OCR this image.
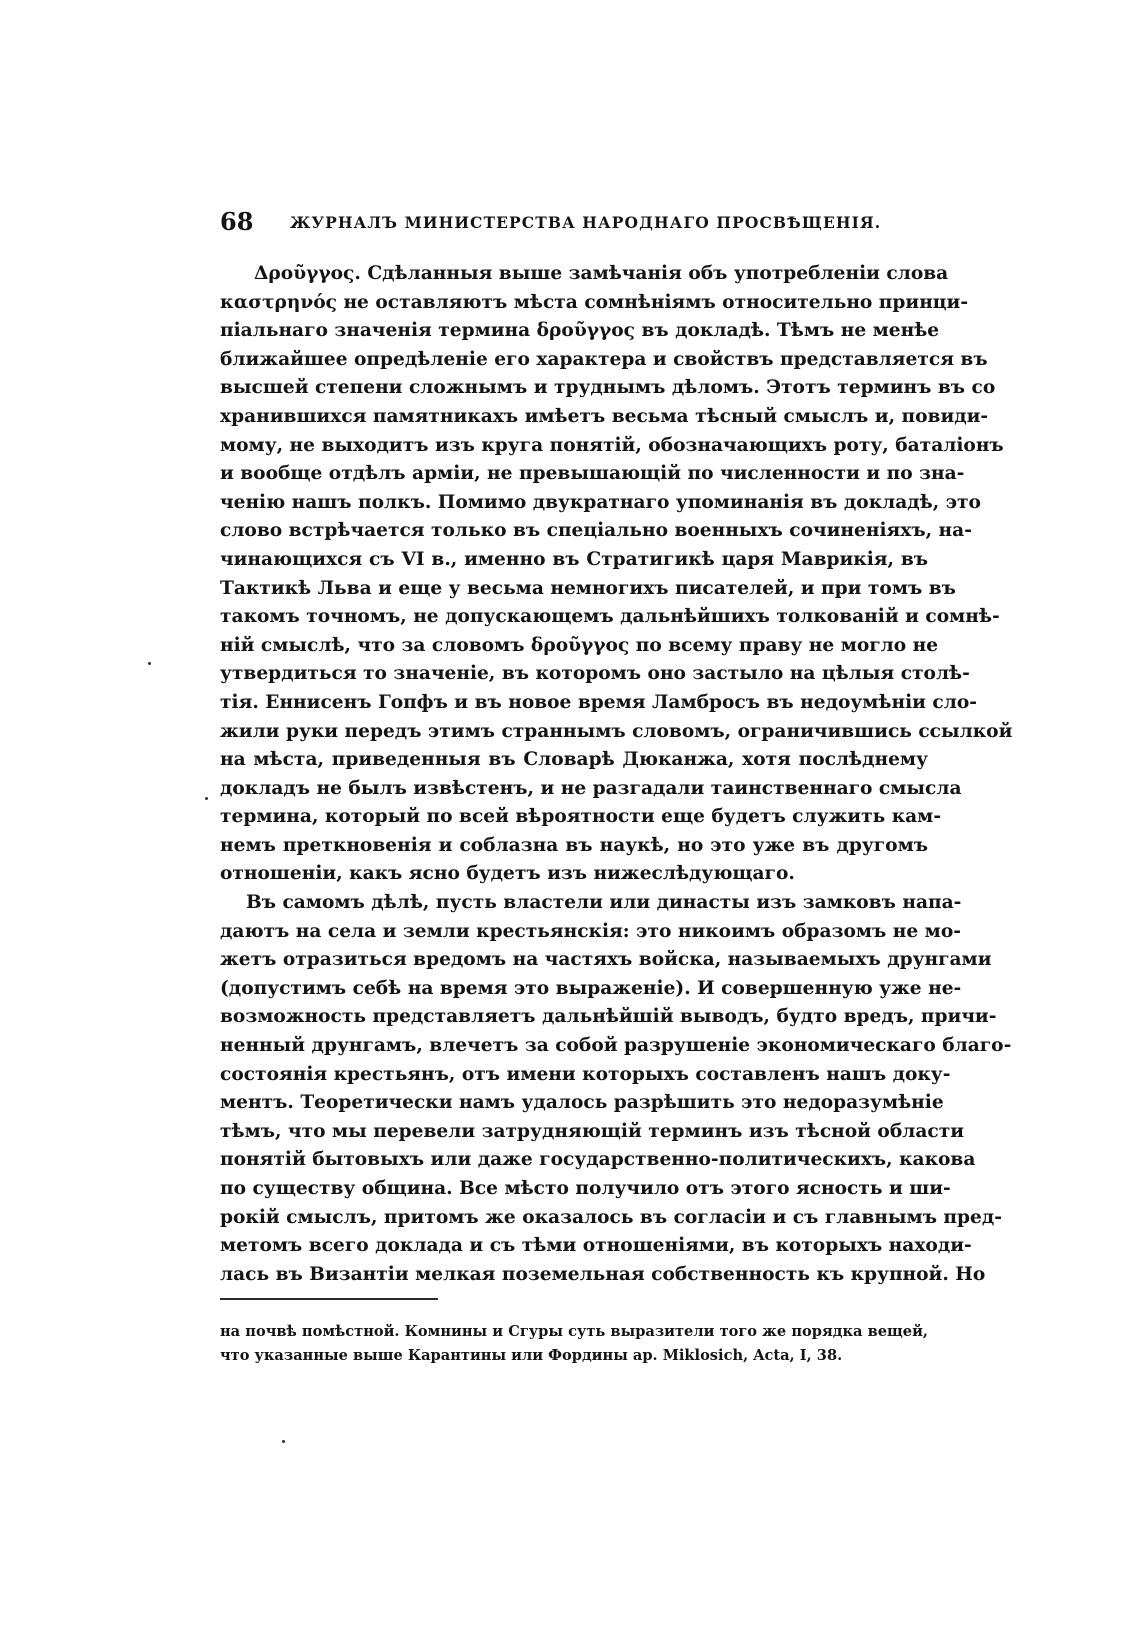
68 ЖУРНАЛЪ МИНИСТЕРСТВА НАРОДНАГО ПРОСВѢЩЕНІЯ.
Δροῦγγος. Сдѣланныя выше замѣчанія объ употребленіи слова
καστρηνός не оставляютъ мѣста сомнѣніямъ относительно принци-
піальнаго значенія термина δροῦγγος въ докладѣ. Тѣмъ не менѣе
ближайшее опредѣленіе его характера и свойствъ представляется въ
высшей степени сложнымъ и труднымъ дѣломъ. Этотъ терминъ въ со
хранившихся памятникахъ имѣетъ весьма тѣсный смыслъ и, повиди-
мому, не выходитъ изъ круга понятій, обозначающихъ роту, баталіонъ
и вообще отдѣлъ арміи, не превышающій по численности и по зна-
ченію нашъ полкъ. Помимо двукратнаго упоминанія въ докладѣ, это
слово встрѣчается только въ спеціально военныхъ сочиненіяхъ, на-
чинающихся съ VI в., именно въ Стратигикѣ царя Маврикія, въ
Тактикѣ Льва и еще у весьма немногихъ писателей, и при томъ въ
такомъ точномъ, не допускающемъ дальнѣйшихъ толкованій и сомнѣ-
ній смыслѣ, что за словомъ δροῦγγος по всему праву не могло не
утвердиться то значеніе, въ которомъ оно застыло на цѣлыя столѣ-
тія. Еннисенъ Гопфъ и въ новое время Ламбросъ въ недоумѣніи сло-
жили руки передъ этимъ страннымъ словомъ, ограничившись ссылкой
на мѣста, приведенныя въ Словарѣ Дюканжа, хотя послѣднему
докладъ не былъ извѣстенъ, и не разгадали таинственнаго смысла
термина, который по всей вѣроятности еще будетъ служить кам-
немъ преткновенія и соблазна въ наукѣ, но это уже въ другомъ
отношеніи, какъ ясно будетъ изъ нижеслѣдующаго.
Въ самомъ дѣлѣ, пусть властели или династы изъ замковъ напа-
даютъ на села и земли крестьянскія: это никоимъ образомъ не мо-
жетъ отразиться вредомъ на частяхъ войска, называемыхъ друнгами
(допустимъ себѣ на время это выраженіе). И совершенную уже не-
возможность представляетъ дальнѣйшій выводъ, будто вредъ, причи-
ненный друнгамъ, влечетъ за собой разрушеніе экономическаго благо-
состоянія крестьянъ, отъ имени которыхъ составленъ нашъ доку-
ментъ. Теоретически намъ удалось разрѣшить это недоразумѣніе
тѣмъ, что мы перевели затрудняющій терминъ изъ тѣсной области
понятій бытовыхъ или даже государственно-политическихъ, какова
по существу община. Все мѣсто получило отъ этого ясность и ши-
рокій смыслъ, притомъ же оказалось въ согласіи и съ главнымъ пред-
метомъ всего доклада и съ тѣми отношеніями, въ которыхъ находи-
лась въ Византіи мелкая поземельная собственность къ крупной. Но
на почвѣ помѣстной. Комнины и Сгуры суть выразители того же порядка вещей,
что указанные выше Карантины или Фордины ap. Miklosich, Acta, I, 38.
